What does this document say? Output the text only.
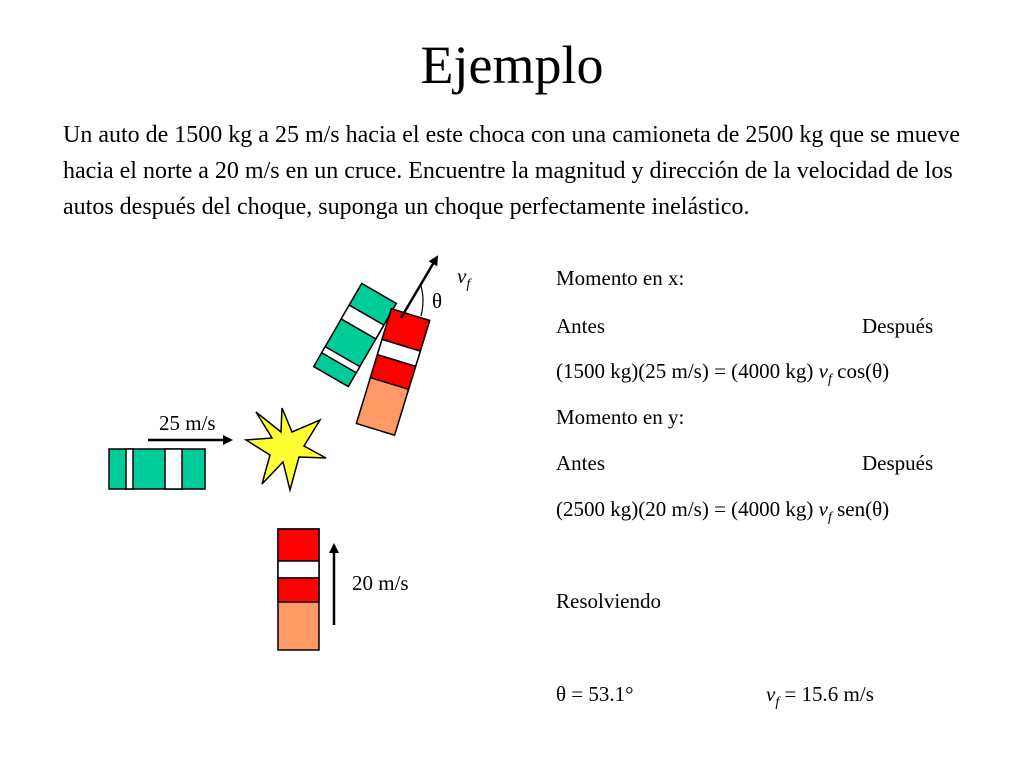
Ejemplo

Un auto de 1500 kg a 25 m/s hacia el este choca con una camioneta de 2500 kg que se mueve hacia el norte a 20 m/s en un cruce. Encuentre la magnitud y dirección de la velocidad de los autos después del choque, suponga un choque perfectamente inelástico.

25 m/s
20 m/s
$v_f$
θ
Momento en x:
Antes	Después
(1500 kg)(25 m/s) = (4000 kg) $v_f$ cos(θ)
Momento en y:
Antes	Después
(2500 kg)(20 m/s) = (4000 kg) $v_f$ sen(θ)
Resolviendo
θ = 53.1°	$v_f = 15.6$ m/s
